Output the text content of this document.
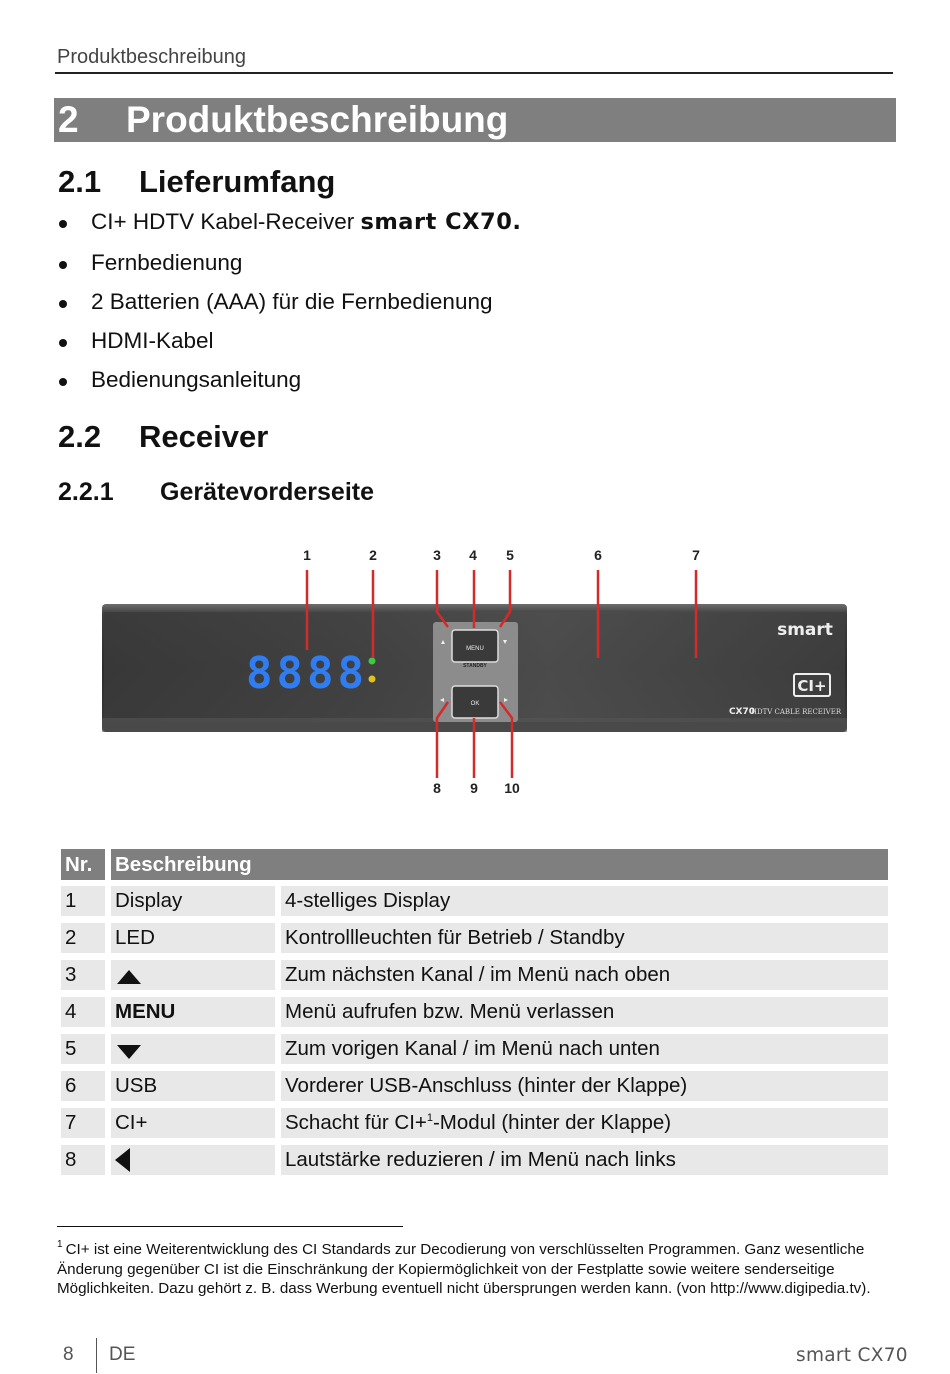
Produktbeschreibung
2 Produktbeschreibung
2.1 Lieferumfang
CI+ HDTV Kabel-Receiver smart CX70.
Fernbedienung
2 Batterien (AAA) für die Fernbedienung
HDMI-Kabel
Bedienungsanleitung
2.2 Receiver
2.2.1 Gerätevorderseite
1	2	3 4 5	6	7
8 9 10
8888	MENU
STANDBY
OK
smart
CI+
CX70
HDTV CABLE RECEIVER
Nr. Beschreibung
1 Display	4-stelliges Display
2 LED	Kontrollleuchten für Betrieb / Standby
3	Zum nächsten Kanal / im Menü nach oben
4 MENU	Menü aufrufen bzw. Menü verlassen
5	Zum vorigen Kanal / im Menü nach unten
6 USB	Vorderer USB-Anschluss (hinter der Klappe)
7 CI+	Schacht für CI+$^1$-Modul (hinter der Klappe)
8	Lautstärke reduzieren / im Menü nach links
$^1$ CI+ ist eine Weiterentwicklung des CI Standards zur Decodierung von verschlüsselten Programmen. Ganz wesentliche Änderung gegenüber CI ist die Einschränkung der Kopiermöglichkeit von der Festplatte sowie weitere senderseitige Möglichkeiten. Dazu gehört z. B. dass Werbung eventuell nicht übersprungen werden kann. (von http://www.digipedia.tv).
8 DE	smart CX70
